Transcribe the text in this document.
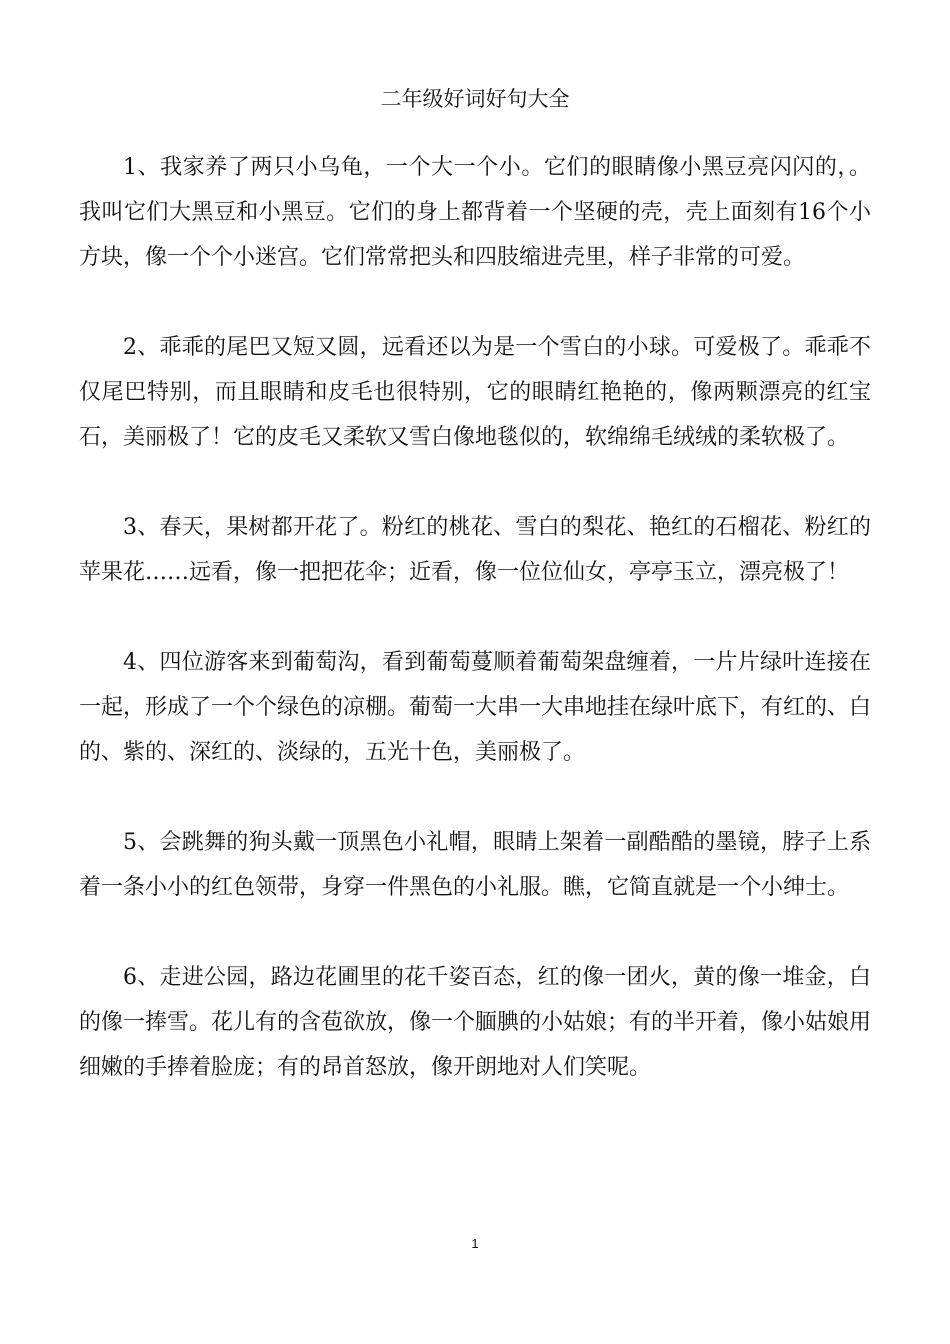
二年级好词好句大全

1、我家养了两只小乌龟，一个大一个小。它们的眼睛像小黑豆亮闪闪的，。我叫它们大黑豆和小黑豆。它们的身上都背着一个坚硬的壳，壳上面刻有16个小方块，像一个个小迷宫。它们常常把头和四肢缩进壳里，样子非常的可爱。

2、乖乖的尾巴又短又圆，远看还以为是一个雪白的小球。可爱极了。乖乖不仅尾巴特别，而且眼睛和皮毛也很特别，它的眼睛红艳艳的，像两颗漂亮的红宝石，美丽极了！它的皮毛又柔软又雪白像地毯似的，软绵绵毛绒绒的柔软极了。

3、春天，果树都开花了。粉红的桃花、雪白的梨花、艳红的石榴花、粉红的苹果花……远看，像一把把花伞；近看，像一位位仙女，亭亭玉立，漂亮极了！

4、四位游客来到葡萄沟，看到葡萄蔓顺着葡萄架盘缠着，一片片绿叶连接在一起，形成了一个个绿色的凉棚。葡萄一大串一大串地挂在绿叶底下，有红的、白的、紫的、深红的、淡绿的，五光十色，美丽极了。

5、会跳舞的狗头戴一顶黑色小礼帽，眼睛上架着一副酷酷的墨镜，脖子上系着一条小小的红色领带，身穿一件黑色的小礼服。瞧，它简直就是一个小绅士。

6、走进公园，路边花圃里的花千姿百态，红的像一团火，黄的像一堆金，白的像一捧雪。花儿有的含苞欲放，像一个腼腆的小姑娘；有的半开着，像小姑娘用细嫩的手捧着脸庞；有的昂首怒放，像开朗地对人们笑呢。

1
